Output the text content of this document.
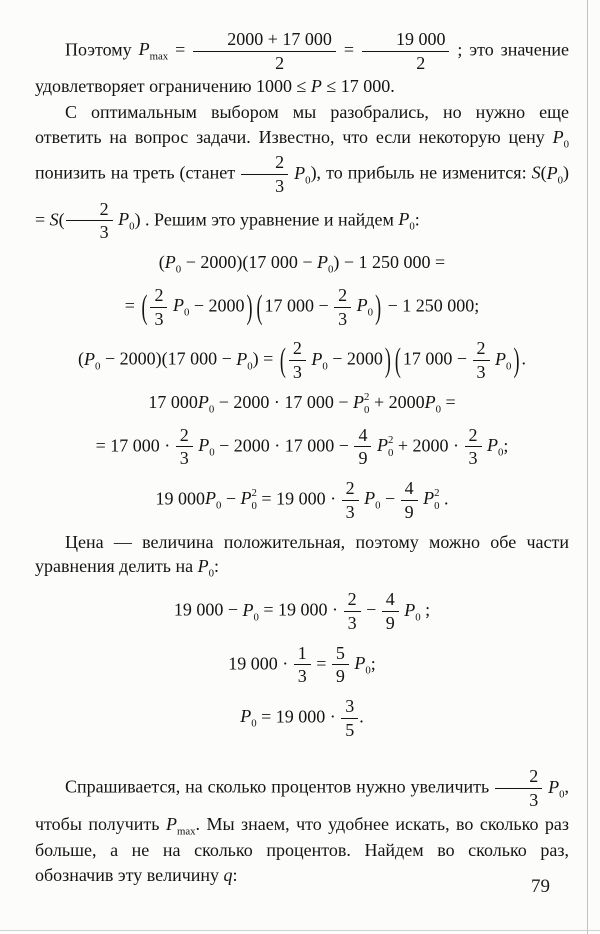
Поэтому $P_{max} = \frac{2000 + 17 000}{2} = \frac{19 000}{2}$ ; это значение удовлетворяет ограничению 1000 ≤ P ≤ 17 000.
С оптимальным выбором мы разобрались, но нужно еще ответить на вопрос задачи. Известно, что если некоторую цену $P_0$ понизить на треть (станет $\frac{2}{3} P_0$), то прибыль не изменится: $S(P_0) = S( \frac{2}{3} P_0)$ . Решим это уравнение и найдем $P_0$:
$(P_0 - 2000)(17$ $000 - P_0) - 1$ 250 000 =
= ( $\frac{2}{3} P_0 - 2000$ ) ( 17 $000 - \frac{2}{3} P_0$ ) − 1 250 000;
$(P_0 - 2000)(17$ $000 - P_0$) = ( $\frac{2}{3} P_0 - 2000$ ) ( 17 $000 - \frac{2}{3} P_0$ ) .
17 $000P_0 - 2000 \cdot 17$ 000 − P 2
$0 + 2000P_0$ =
= 17 $000 \cdot \frac{2}{3} P_0 - 2000 \cdot 17$ $000 - \frac{4}{9}$ P 2
$0 + 2000 \cdot \frac{2}{3} P_0$;
19 $000P_0 - P$ 2
0 = 19 $000 \cdot \frac{2}{3} P_0 - \frac{4}{9}$ P 2
0 .
Цена — величина положительная, поэтому можно обе части уравнения делить на $P_0$:
19 $000 - P_0 = 19$ $000 \cdot \frac{2}{3} - \frac{4}{9} P_0$ ;
19 $000 \cdot \frac{1}{3} = \frac{5}{9} P_0$;
$P_0 = 19$ $000 \cdot \frac{3}{5}$ .
Спрашивается, на сколько процентов нужно увеличить $\frac{2}{3} P_0$, чтобы получить $P_{max}$. Мы знаем, что удобнее искать, во сколько раз больше, а не на сколько процентов. Найдем во сколько раз, обозначив эту величину q:
79
